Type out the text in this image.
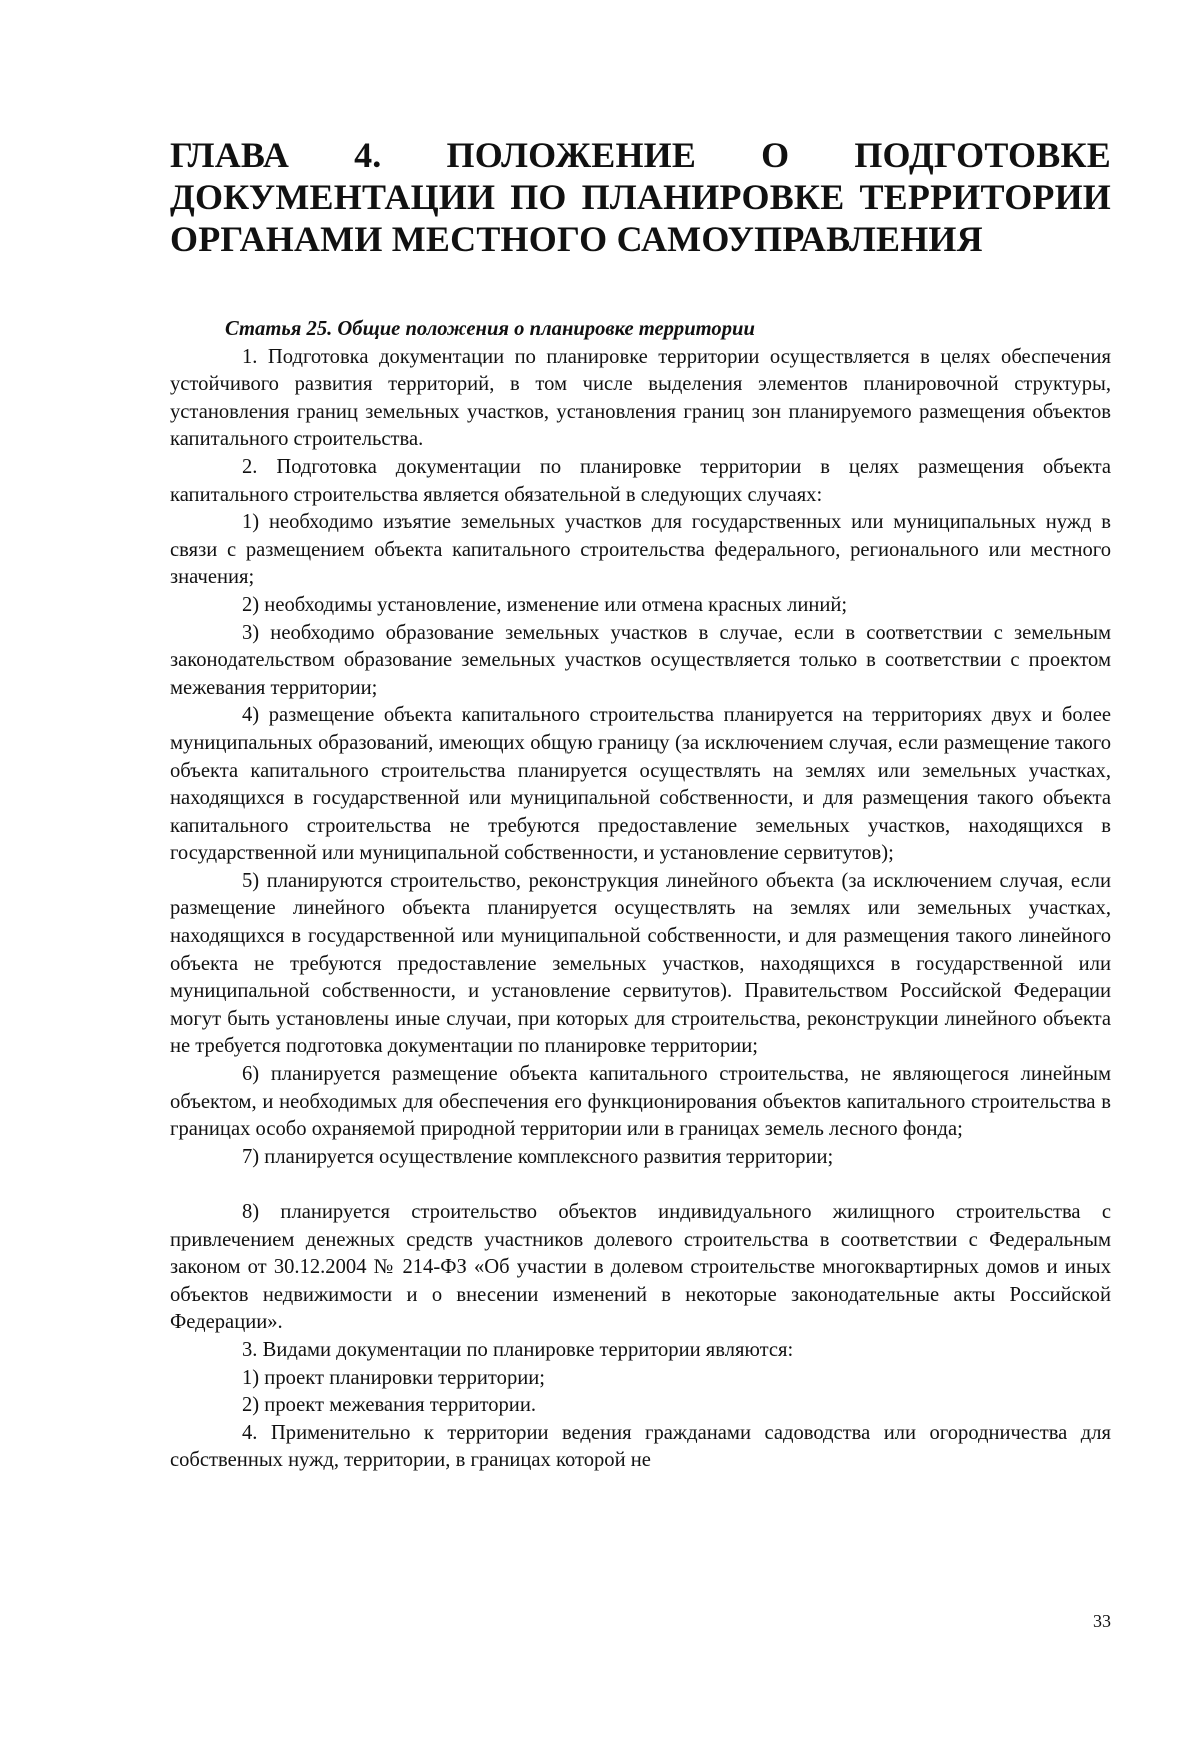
ГЛАВА 4. ПОЛОЖЕНИЕ О ПОДГОТОВКЕ
ДОКУМЕНТАЦИИ ПО ПЛАНИРОВКЕ ТЕРРИТОРИИ
ОРГАНАМИ МЕСТНОГО САМОУПРАВЛЕНИЯ

Статья 25. Общие положения о планировке территории

1. Подготовка документации по планировке территории осуществляется в целях обеспечения устойчивого развития территорий, в том числе выделения элементов планировочной структуры, установления границ земельных участков, установления границ зон планируемого размещения объектов капитального строительства.

2. Подготовка документации по планировке территории в целях размещения объекта капитального строительства является обязательной в следующих случаях:

1) необходимо изъятие земельных участков для государственных или муниципальных нужд в связи с размещением объекта капитального строительства федерального, регионального или местного значения;

2) необходимы установление, изменение или отмена красных линий;

3) необходимо образование земельных участков в случае, если в соответствии с земельным законодательством образование земельных участков осуществляется только в соответствии с проектом межевания территории;

4) размещение объекта капитального строительства планируется на территориях двух и более муниципальных образований, имеющих общую границу (за исключением случая, если размещение такого объекта капитального строительства планируется осуществлять на землях или земельных участках, находящихся в государственной или муниципальной собственности, и для размещения такого объекта капитального строительства не требуются предоставление земельных участков, находящихся в государственной или муниципальной собственности, и установление сервитутов);

5) планируются строительство, реконструкция линейного объекта (за исключением случая, если размещение линейного объекта планируется осуществлять на землях или земельных участках, находящихся в государственной или муниципальной собственности, и для размещения такого линейного объекта не требуются предоставление земельных участков, находящихся в государственной или муниципальной собственности, и установление сервитутов). Правительством Российской Федерации могут быть установлены иные случаи, при которых для строительства, реконструкции линейного объекта не требуется подготовка документации по планировке территории;

6) планируется размещение объекта капитального строительства, не являющегося линейным объектом, и необходимых для обеспечения его функционирования объектов капитального строительства в границах особо охраняемой природной территории или в границах земель лесного фонда;

7) планируется осуществление комплексного развития территории;

8) планируется строительство объектов индивидуального жилищного строительства с привлечением денежных средств участников долевого строительства в соответствии с Федеральным законом от 30.12.2004 № 214-ФЗ «Об участии в долевом строительстве многоквартирных домов и иных объектов недвижимости и о внесении изменений в некоторые законодательные акты Российской Федерации».

3. Видами документации по планировке территории являются:

1) проект планировки территории;

2) проект межевания территории.

4. Применительно к территории ведения гражданами садоводства или огородничества для собственных нужд, территории, в границах которой не

33
